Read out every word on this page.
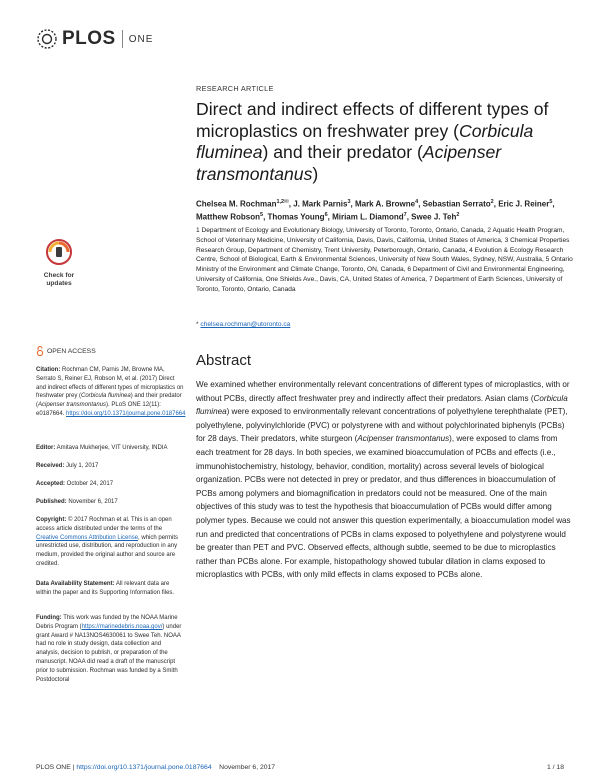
PLOS ONE
RESEARCH ARTICLE
Direct and indirect effects of different types of microplastics on freshwater prey (Corbicula fluminea) and their predator (Acipenser transmontanus)
Chelsea M. Rochman$^{1,2✉}$, J. Mark Parnis$^3$, Mark A. Browne$^4$, Sebastian Serrato$^2$, Eric J. Reiner$^5$, Matthew Robson$^5$, Thomas Young$^6$, Miriam L. Diamond$^7$, Swee J. Teh$^2$
1 Department of Ecology and Evolutionary Biology, University of Toronto, Toronto, Ontario, Canada, 2 Aquatic Health Program, School of Veterinary Medicine, University of California, Davis, Davis, California, United States of America, 3 Chemical Properties Research Group, Department of Chemistry, Trent University, Peterborough, Ontario, Canada, 4 Evolution & Ecology Research Centre, School of Biological, Earth & Environmental Sciences, University of New South Wales, Sydney, NSW, Australia, 5 Ontario Ministry of the Environment and Climate Change, Toronto, ON, Canada, 6 Department of Civil and Environmental Engineering, University of California, One Shields Ave., Davis, CA, United States of America, 7 Department of Earth Sciences, University of Toronto, Toronto, Ontario, Canada
* chelsea.rochman@utoronto.ca
Abstract

We examined whether environmentally relevant concentrations of different types of microplastics, with or without PCBs, directly affect freshwater prey and indirectly affect their predators. Asian clams (Corbicula fluminea) were exposed to environmentally relevant concentrations of polyethylene terephthalate (PET), polyethylene, polyvinylchloride (PVC) or polystyrene with and without polychlorinated biphenyls (PCBs) for 28 days. Their predators, white sturgeon (Acipenser transmontanus), were exposed to clams from each treatment for 28 days. In both species, we examined bioaccumulation of PCBs and effects (i.e., immunohistochemistry, histology, behavior, condition, mortality) across several levels of biological organization. PCBs were not detected in prey or predator, and thus differences in bioaccumulation of PCBs among polymers and biomagnification in predators could not be measured. One of the main objectives of this study was to test the hypothesis that bioaccumulation of PCBs would differ among polymer types. Because we could not answer this question experimentally, a bioaccumulation model was run and predicted that concentrations of PCBs in clams exposed to polyethylene and polystyrene would be greater than PET and PVC. Observed effects, although subtle, seemed to be due to microplastics rather than PCBs alone. For example, histopathology showed tubular dilation in clams exposed to microplastics with PCBs, with only mild effects in clams exposed to PCBs alone.

Check for
updates
OPEN ACCESS
Citation: Rochman CM, Parnis JM, Browne MA, Serrato S, Reiner EJ, Robson M, et al. (2017) Direct and indirect effects of different types of microplastics on freshwater prey (Corbicula fluminea) and their predator (Acipenser transmontanus). PLoS ONE 12(11): e0187664. https://doi.org/10.1371/journal.pone.0187664
Editor: Amitava Mukherjee, VIT University, INDIA
Received: July 1, 2017
Accepted: October 24, 2017
Published: November 6, 2017
Copyright: © 2017 Rochman et al. This is an open access article distributed under the terms of the Creative Commons Attribution License, which permits unrestricted use, distribution, and reproduction in any medium, provided the original author and source are credited.
Data Availability Statement: All relevant data are within the paper and its Supporting Information files.
Funding: This work was funded by the NOAA Marine Debris Program (https://marinedebris.noaa.gov/) under grant Award # NA13NOS4630061 to Swee Teh. NOAA had no role in study design, data collection and analysis, decision to publish, or preparation of the manuscript. NOAA did read a draft of the manuscript prior to submission. Rochman was funded by a Smith Postdoctoral
PLOS ONE | https://doi.org/10.1371/journal.pone.0187664 November 6, 2017	1 / 18
